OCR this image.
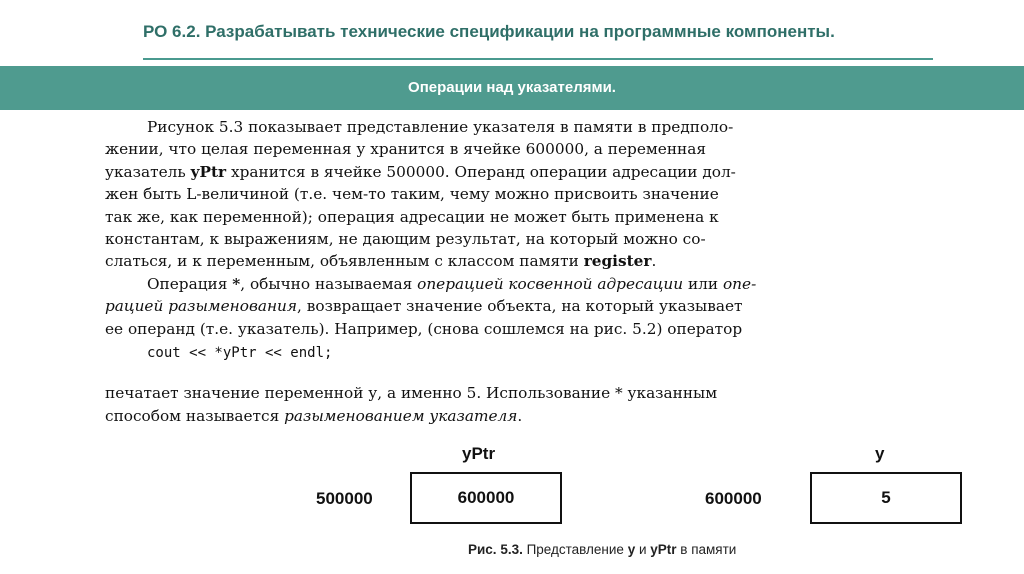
РО 6.2. Разрабатывать технические спецификации на программные компоненты.
Операции над указателями.
Рисунок 5.3 показывает представление указателя в памяти в предполо-
жении, что целая переменная у хранится в ячейке 600000, а переменная
указатель yPtr хранится в ячейке 500000. Операнд операции адресации дол-
жен быть L-величиной (т.е. чем-то таким, чему можно присвоить значение
так же, как переменной); операция адресации не может быть применена к
константам, к выражениям, не дающим результат, на который можно со-
слаться, и к переменным, объявленным с классом памяти register.
Операция *, обычно называемая операцией косвенной адресации или опе-
рацией разыменования, возвращает значение объекта, на который указывает
ее операнд (т.е. указатель). Например, (снова сошлемся на рис. 5.2) оператор
cout << *yPtr << endl;
печатает значение переменной у, а именно 5. Использование * указанным
способом называется разыменованием указателя.
yPtr
500000	600000
y
600000	5
Рис. 5.3. Представление y и yPtr в памяти
